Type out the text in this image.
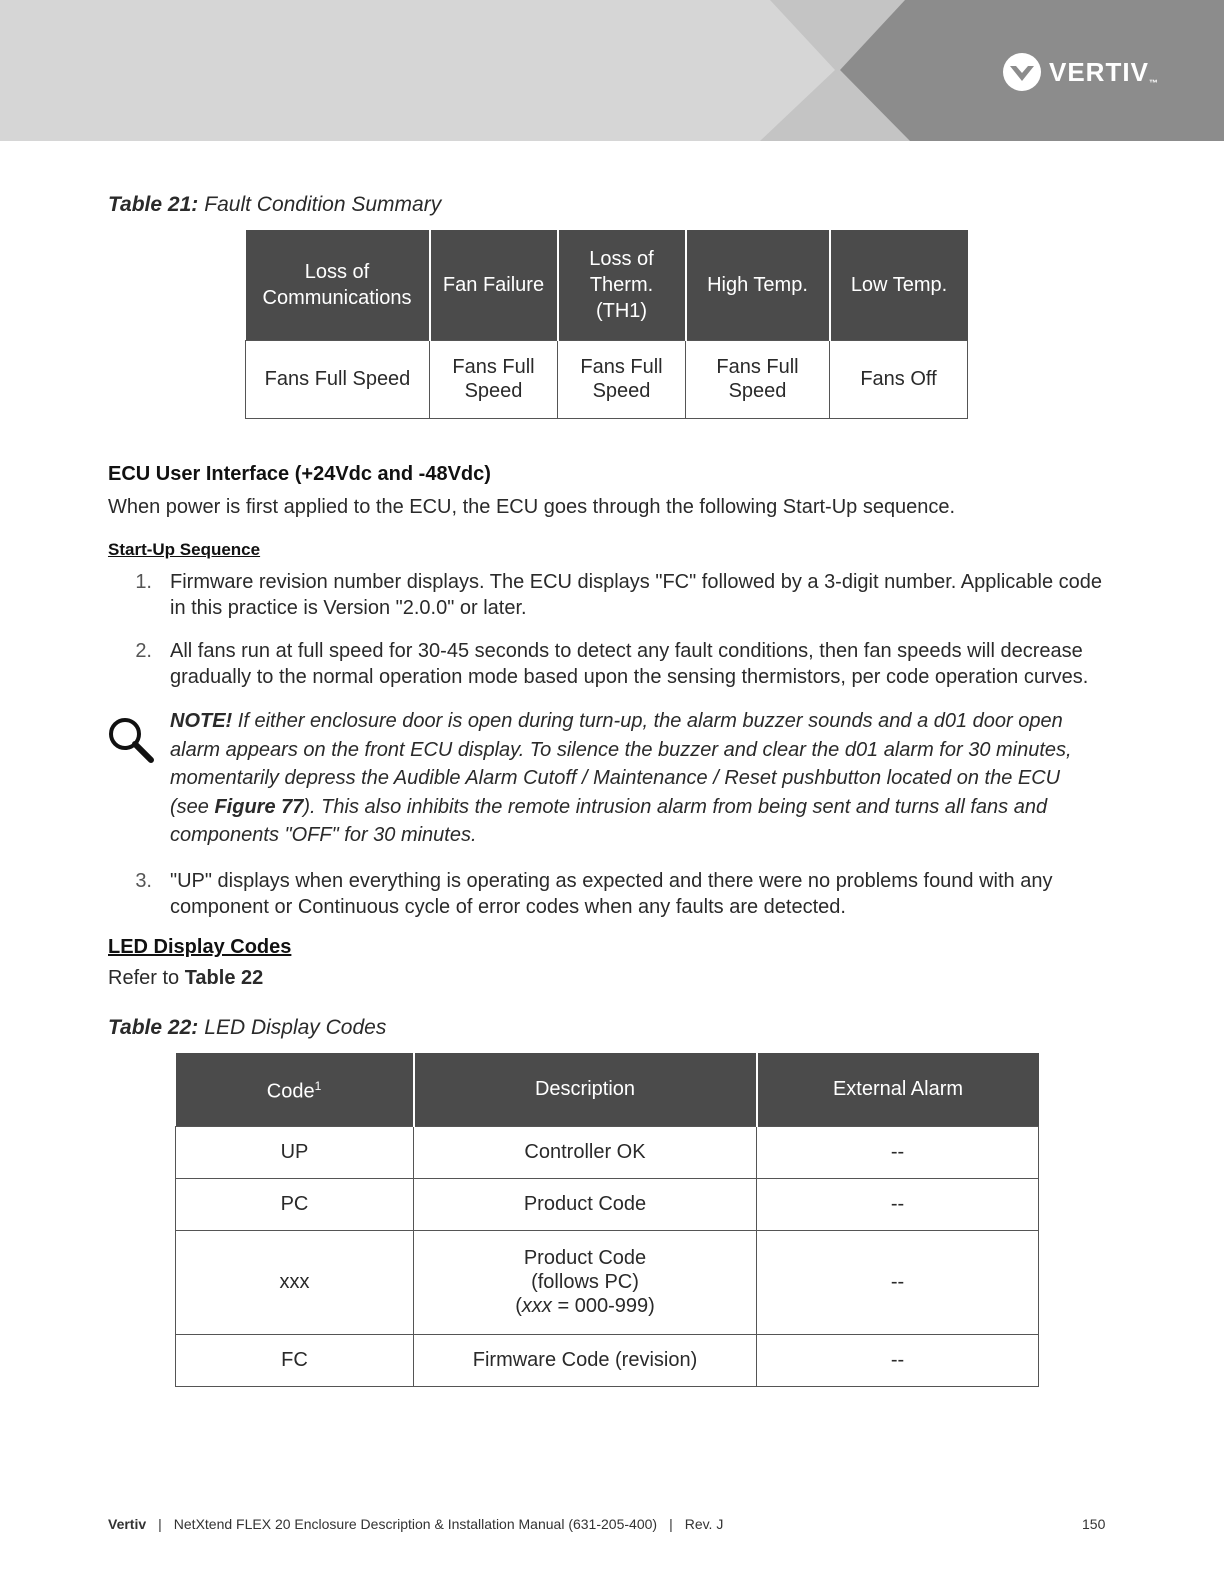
VERTIV™
Table 21: Fault Condition Summary
Loss of Communications	Fan Failure	Loss of Therm. (TH1)	High Temp.	Low Temp.
Fans Full Speed	Fans Full Speed	Fans Full Speed	Fans Full Speed	Fans Off
ECU User Interface (+24Vdc and -48Vdc)
When power is first applied to the ECU, the ECU goes through the following Start-Up sequence.
Start-Up Sequence
1. Firmware revision number displays. The ECU displays "FC" followed by a 3-digit number. Applicable code in this practice is Version "2.0.0" or later.
2. All fans run at full speed for 30-45 seconds to detect any fault conditions, then fan speeds will decrease gradually to the normal operation mode based upon the sensing thermistors, per code operation curves.
NOTE! If either enclosure door is open during turn-up, the alarm buzzer sounds and a d01 door open alarm appears on the front ECU display. To silence the buzzer and clear the d01 alarm for 30 minutes, momentarily depress the Audible Alarm Cutoff / Maintenance / Reset pushbutton located on the ECU (see Figure 77). This also inhibits the remote intrusion alarm from being sent and turns all fans and components "OFF" for 30 minutes.
3. "UP" displays when everything is operating as expected and there were no problems found with any component or Continuous cycle of error codes when any faults are detected.
LED Display Codes
Refer to Table 22
Table 22: LED Display Codes
Code$^1$	Description	External Alarm
UP	Controller OK	--
PC	Product Code	--
xxx	Product Code
(follows PC)
(xxx = 000-999)	--
FC	Firmware Code (revision)	--
Vertiv | NetXtend FLEX 20 Enclosure Description & Installation Manual (631-205-400) | Rev. J	150
